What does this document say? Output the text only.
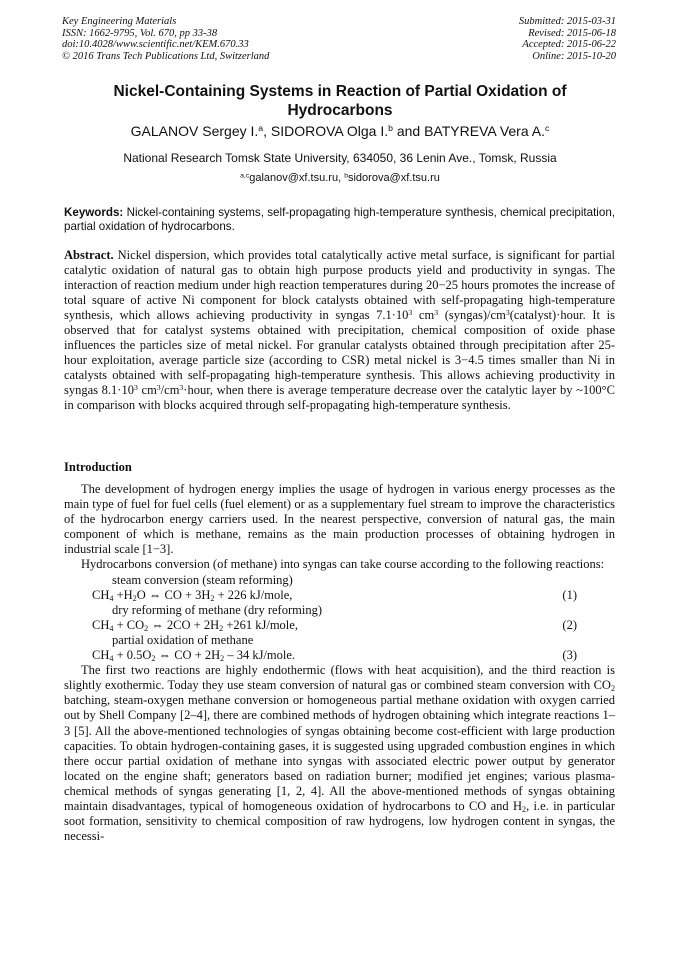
Key Engineering Materials
ISSN: 1662-9795, Vol. 670, pp 33-38
doi:10.4028/www.scientific.net/KEM.670.33
© 2016 Trans Tech Publications Ltd, Switzerland
Submitted: 2015-03-31
Revised: 2015-06-18
Accepted: 2015-06-22
Online: 2015-10-20
Nickel-Containing Systems in Reaction of Partial Oxidation of Hydrocarbons
GALANOV Sergey I.$^a$, SIDOROVA Olga I.$^b$ and BATYREVA Vera A.$^c$
National Research Tomsk State University, 634050, 36 Lenin Ave., Tomsk, Russia
$^{a,c}$galanov@xf.tsu.ru, $^b$sidorova@xf.tsu.ru
Keywords: Nickel-containing systems, self-propagating high-temperature synthesis, chemical precipitation, partial oxidation of hydrocarbons.
Abstract. Nickel dispersion, which provides total catalytically active metal surface, is significant for partial catalytic oxidation of natural gas to obtain high purpose products yield and productivity in syngas. The interaction of reaction medium under high reaction temperatures during 20−25 hours promotes the increase of total square of active Ni component for block catalysts obtained with self-propagating high-temperature synthesis, which allows achieving productivity in syngas $7.1\cdot 10^3$ $cm^3$ $(syngas)/cm^3(catalyst)\cdot hour$. It is observed that for catalyst systems obtained with precipitation, chemical composition of oxide phase influences the particles size of metal nickel. For granular catalysts obtained through precipitation after 25-hour exploitation, average particle size (according to CSR) metal nickel is 3−4.5 times smaller than Ni in catalysts obtained with self-propagating high-temperature synthesis. This allows achieving productivity in syngas $8.1\cdot 10^3$ $cm^3/cm^3\cdot hour$, when there is average temperature decrease over the catalytic layer by ~100°C in comparison with blocks acquired through self-propagating high-temperature synthesis.
Introduction

The development of hydrogen energy implies the usage of hydrogen in various energy processes as the main type of fuel for fuel cells (fuel element) or as a supplementary fuel stream to improve the characteristics of the hydrocarbon energy carriers used. In the nearest perspective, conversion of natural gas, the main component of which is methane, remains as the main production processes of obtaining hydrogen in industrial scale [1−3].

Hydrocarbons conversion (of methane) into syngas can take course according to the following reactions:

steam conversion (steam reforming)
$CH_4 +H_2O$ ⇔ CO + $3H_2 + 226$ kJ/mole,	(1)
dry reforming of methane (dry reforming)
$CH_4 + CO_2$ ⇔ $2CO + 2H_2 +261$ kJ/mole,	(2)
partial oxidation of methane
$CH_4 + 0.5O_2$ ⇔ CO + $2H_2 - 34$ kJ/mole.	(3)

The first two reactions are highly endothermic (flows with heat acquisition), and the third reaction is slightly exothermic. Today they use steam conversion of natural gas or combined steam conversion with $CO_2$ batching, steam-oxygen methane conversion or homogeneous partial methane oxidation with oxygen carried out by Shell Company [2–4], there are combined methods of hydrogen obtaining which integrate reactions 1–3 [5]. All the above-mentioned technologies of syngas obtaining become cost-efficient with large production capacities. To obtain hydrogen-containing gases, it is suggested using upgraded combustion engines in which there occur partial oxidation of methane into syngas with associated electric power output by generator located on the engine shaft; generators based on radiation burner; modified jet engines; various plasma-chemical methods of syngas generating [1, 2, 4]. All the above-mentioned methods of syngas obtaining maintain disadvantages, typical of homogeneous oxidation of hydrocarbons to CO and $H_2$, i.e. in particular soot formation, sensitivity to chemical composition of raw hydrogens, low hydrogen content in syngas, the necessi-
